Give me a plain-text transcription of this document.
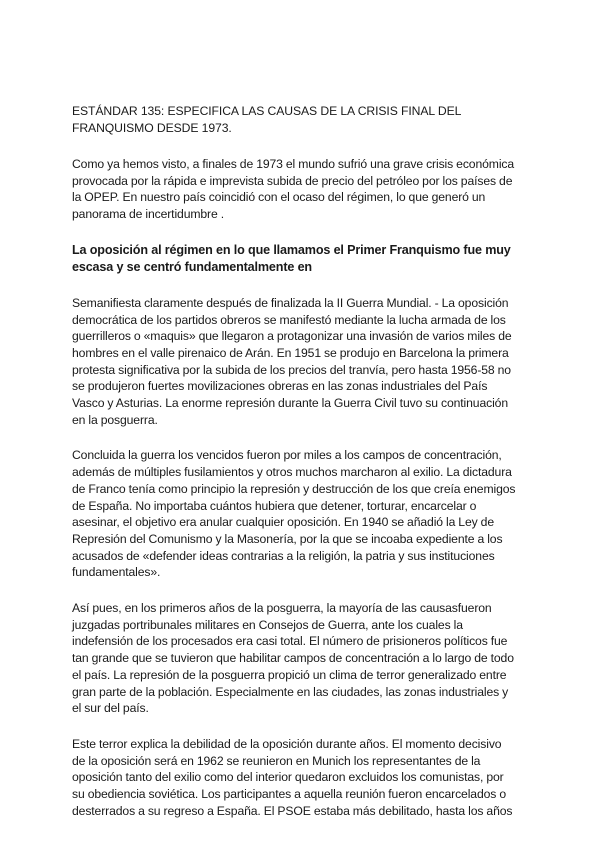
ESTÁNDAR 135: ESPECIFICA LAS CAUSAS DE LA CRISIS FINAL DEL
FRANQUISMO DESDE 1973.
Como ya hemos visto, a finales de 1973 el mundo sufrió una grave crisis económica
provocada por la rápida e imprevista subida de precio del petróleo por los países de
la OPEP. En nuestro país coincidió con el ocaso del régimen, lo que generó un
panorama de incertidumbre .
La oposición al régimen en lo que llamamos el Primer Franquismo fue muy
escasa y se centró fundamentalmente en
Semanifiesta claramente después de finalizada la II Guerra Mundial. - La oposición
democrática de los partidos obreros se manifestó mediante la lucha armada de los
guerrilleros o «maquis» que llegaron a protagonizar una invasión de varios miles de
hombres en el valle pirenaico de Arán. En 1951 se produjo en Barcelona la primera
protesta significativa por la subida de los precios del tranvía, pero hasta 1956-58 no
se produjeron fuertes movilizaciones obreras en las zonas industriales del País
Vasco y Asturias. La enorme represión durante la Guerra Civil tuvo su continuación
en la posguerra.
Concluida la guerra los vencidos fueron por miles a los campos de concentración,
además de múltiples fusilamientos y otros muchos marcharon al exilio. La dictadura
de Franco tenía como principio la represión y destrucción de los que creía enemigos
de España. No importaba cuántos hubiera que detener, torturar, encarcelar o
asesinar, el objetivo era anular cualquier oposición. En 1940 se añadió la Ley de
Represión del Comunismo y la Masonería, por la que se incoaba expediente a los
acusados de «defender ideas contrarias a la religión, la patria y sus instituciones
fundamentales».
Así pues, en los primeros años de la posguerra, la mayoría de las causasfueron
juzgadas portribunales militares en Consejos de Guerra, ante los cuales la
indefensión de los procesados era casi total. El número de prisioneros políticos fue
tan grande que se tuvieron que habilitar campos de concentración a lo largo de todo
el país. La represión de la posguerra propició un clima de terror generalizado entre
gran parte de la población. Especialmente en las ciudades, las zonas industriales y
el sur del país.
Este terror explica la debilidad de la oposición durante años. El momento decisivo
de la oposición será en 1962 se reunieron en Munich los representantes de la
oposición tanto del exilio como del interior quedaron excluidos los comunistas, por
su obediencia soviética. Los participantes a aquella reunión fueron encarcelados o
desterrados a su regreso a España. El PSOE estaba más debilitado, hasta los años
